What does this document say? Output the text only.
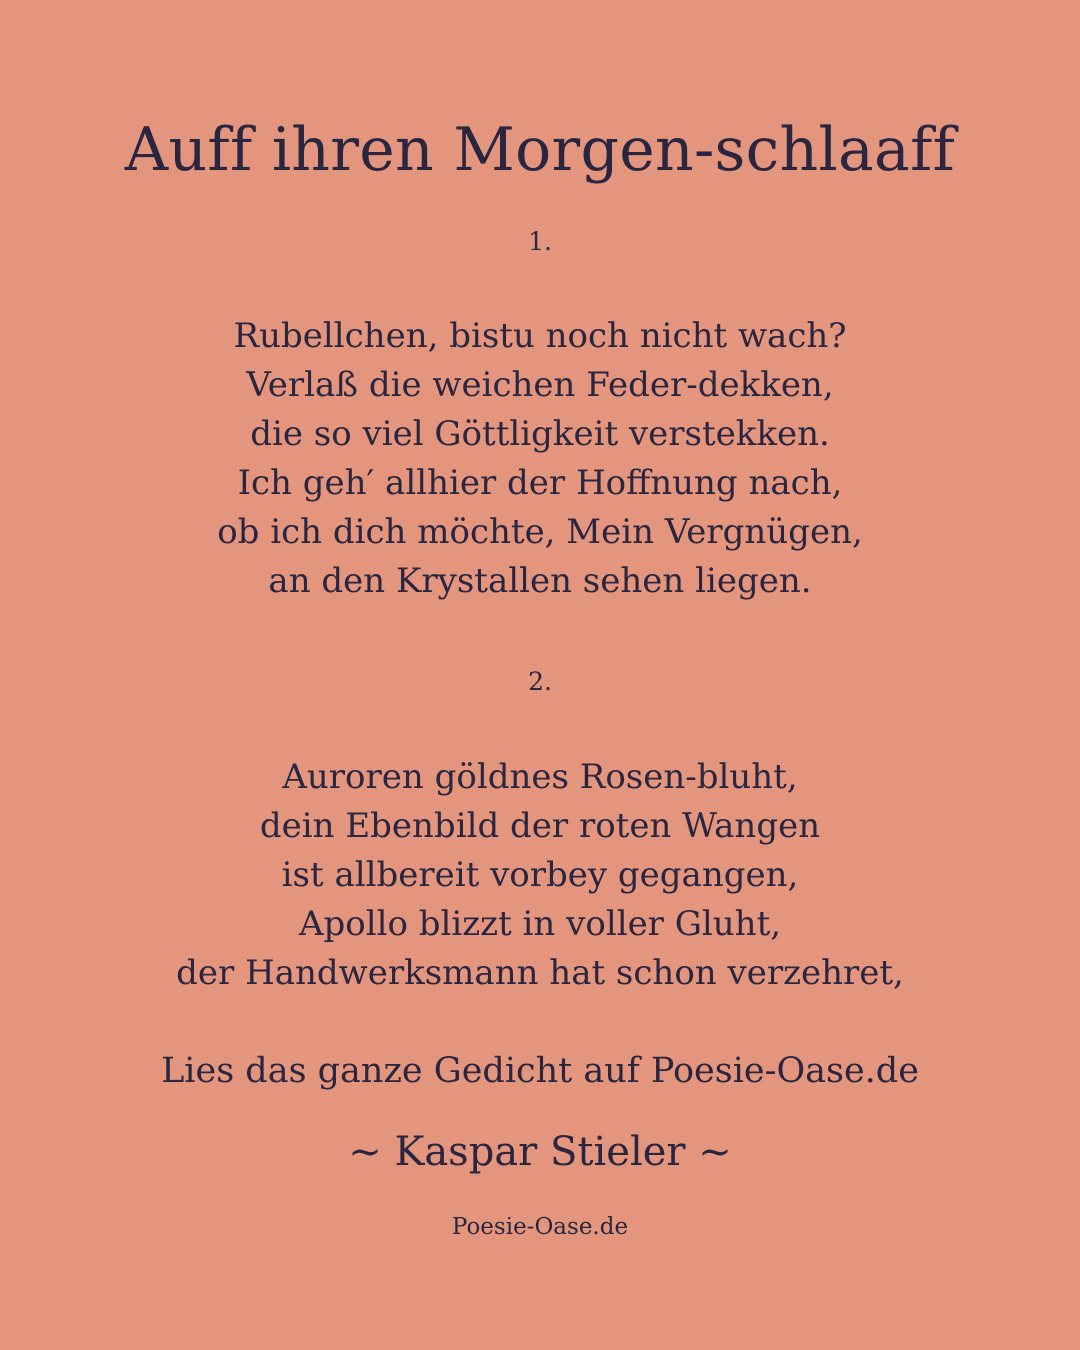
Auff ihren Morgen-schlaaff
1.
Rubellchen, bistu noch nicht wach?
Verlaß die weichen Feder-dekken,
die so viel Göttligkeit verstekken.
Ich geh′ allhier der Hoffnung nach,
ob ich dich möchte, Mein Vergnügen,
an den Krystallen sehen liegen.
2.
Auroren göldnes Rosen-bluht,
dein Ebenbild der roten Wangen
ist allbereit vorbey gegangen,
Apollo blizzt in voller Gluht,
der Handwerksmann hat schon verzehret,
Lies das ganze Gedicht auf Poesie-Oase.de
~ Kaspar Stieler ~
Poesie-Oase.de
